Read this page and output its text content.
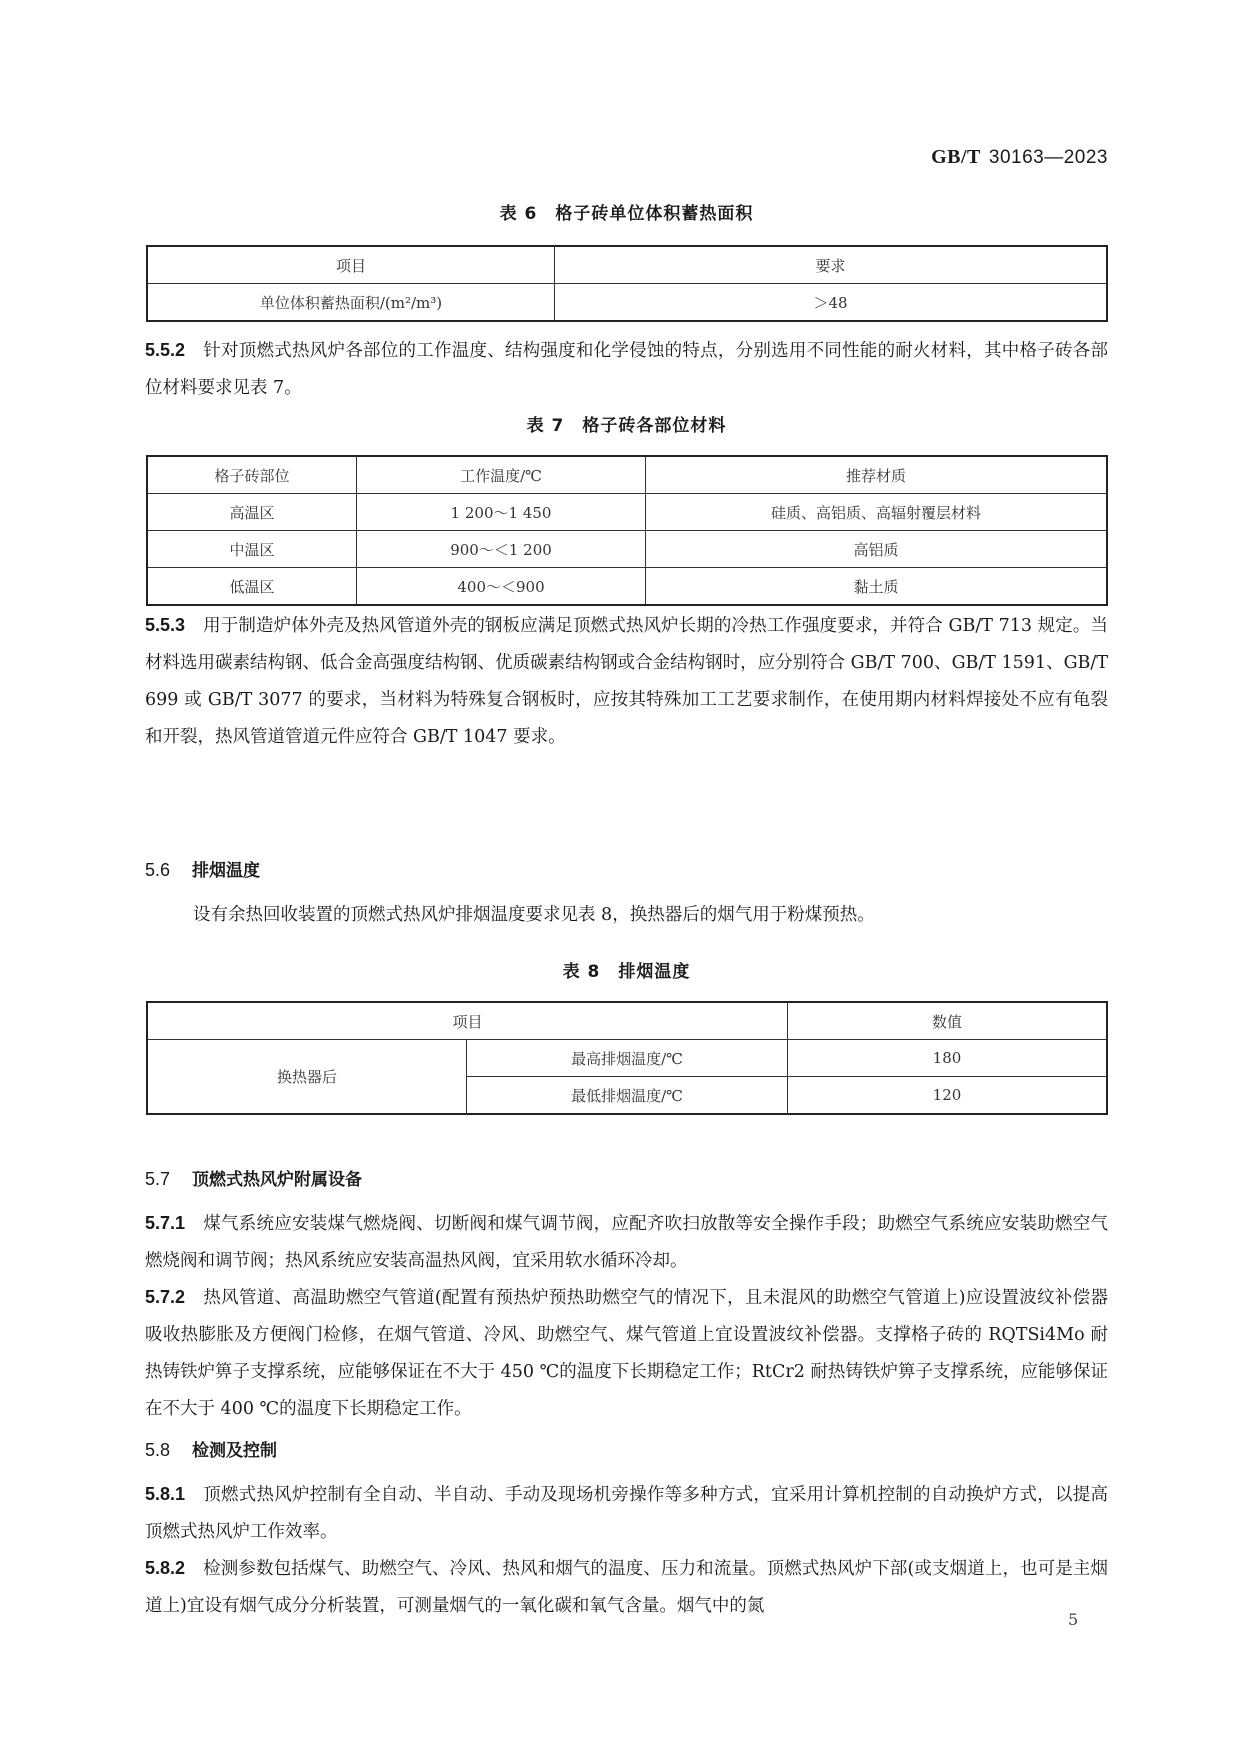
GB/T 30163—2023
表 6 格子砖单位体积蓄热面积
项目	要求
单位体积蓄热面积/(m²/m³)	＞48
5.5.2 针对顶燃式热风炉各部位的工作温度、结构强度和化学侵蚀的特点，分别选用不同性能的耐火材料，其中格子砖各部位材料要求见表 7。
表 7 格子砖各部位材料
格子砖部位	工作温度/℃	推荐材质
高温区	1 200～1 450	硅质、高铝质、高辐射覆层材料
中温区	900～＜1 200	高铝质
低温区	400～＜900	黏土质
5.5.3 用于制造炉体外壳及热风管道外壳的钢板应满足顶燃式热风炉长期的冷热工作强度要求，并符合 GB/T 713 规定。当材料选用碳素结构钢、低合金高强度结构钢、优质碳素结构钢或合金结构钢时，应分别符合 GB/T 700、GB/T 1591、GB/T 699 或 GB/T 3077 的要求，当材料为特殊复合钢板时，应按其特殊加工工艺要求制作，在使用期内材料焊接处不应有龟裂和开裂，热风管道管道元件应符合 GB/T 1047 要求。
5.6 排烟温度
设有余热回收装置的顶燃式热风炉排烟温度要求见表 8，换热器后的烟气用于粉煤预热。
表 8 排烟温度
项目		数值
换热器后	最高排烟温度/℃	180
	最低排烟温度/℃	120
5.7 顶燃式热风炉附属设备
5.7.1 煤气系统应安装煤气燃烧阀、切断阀和煤气调节阀，应配齐吹扫放散等安全操作手段；助燃空气系统应安装助燃空气燃烧阀和调节阀；热风系统应安装高温热风阀，宜采用软水循环冷却。
5.7.2 热风管道、高温助燃空气管道(配置有预热炉预热助燃空气的情况下，且未混风的助燃空气管道上)应设置波纹补偿器吸收热膨胀及方便阀门检修，在烟气管道、冷风、助燃空气、煤气管道上宜设置波纹补偿器。支撑格子砖的 RQTSi4Mo 耐热铸铁炉箅子支撑系统，应能够保证在不大于 450 ℃的温度下长期稳定工作；RtCr2 耐热铸铁炉箅子支撑系统，应能够保证在不大于 400 ℃的温度下长期稳定工作。
5.8 检测及控制
5.8.1 顶燃式热风炉控制有全自动、半自动、手动及现场机旁操作等多种方式，宜采用计算机控制的自动换炉方式，以提高顶燃式热风炉工作效率。
5.8.2 检测参数包括煤气、助燃空气、冷风、热风和烟气的温度、压力和流量。顶燃式热风炉下部(或支烟道上，也可是主烟道上)宜设有烟气成分分析装置，可测量烟气的一氧化碳和氧气含量。烟气中的氮
5
